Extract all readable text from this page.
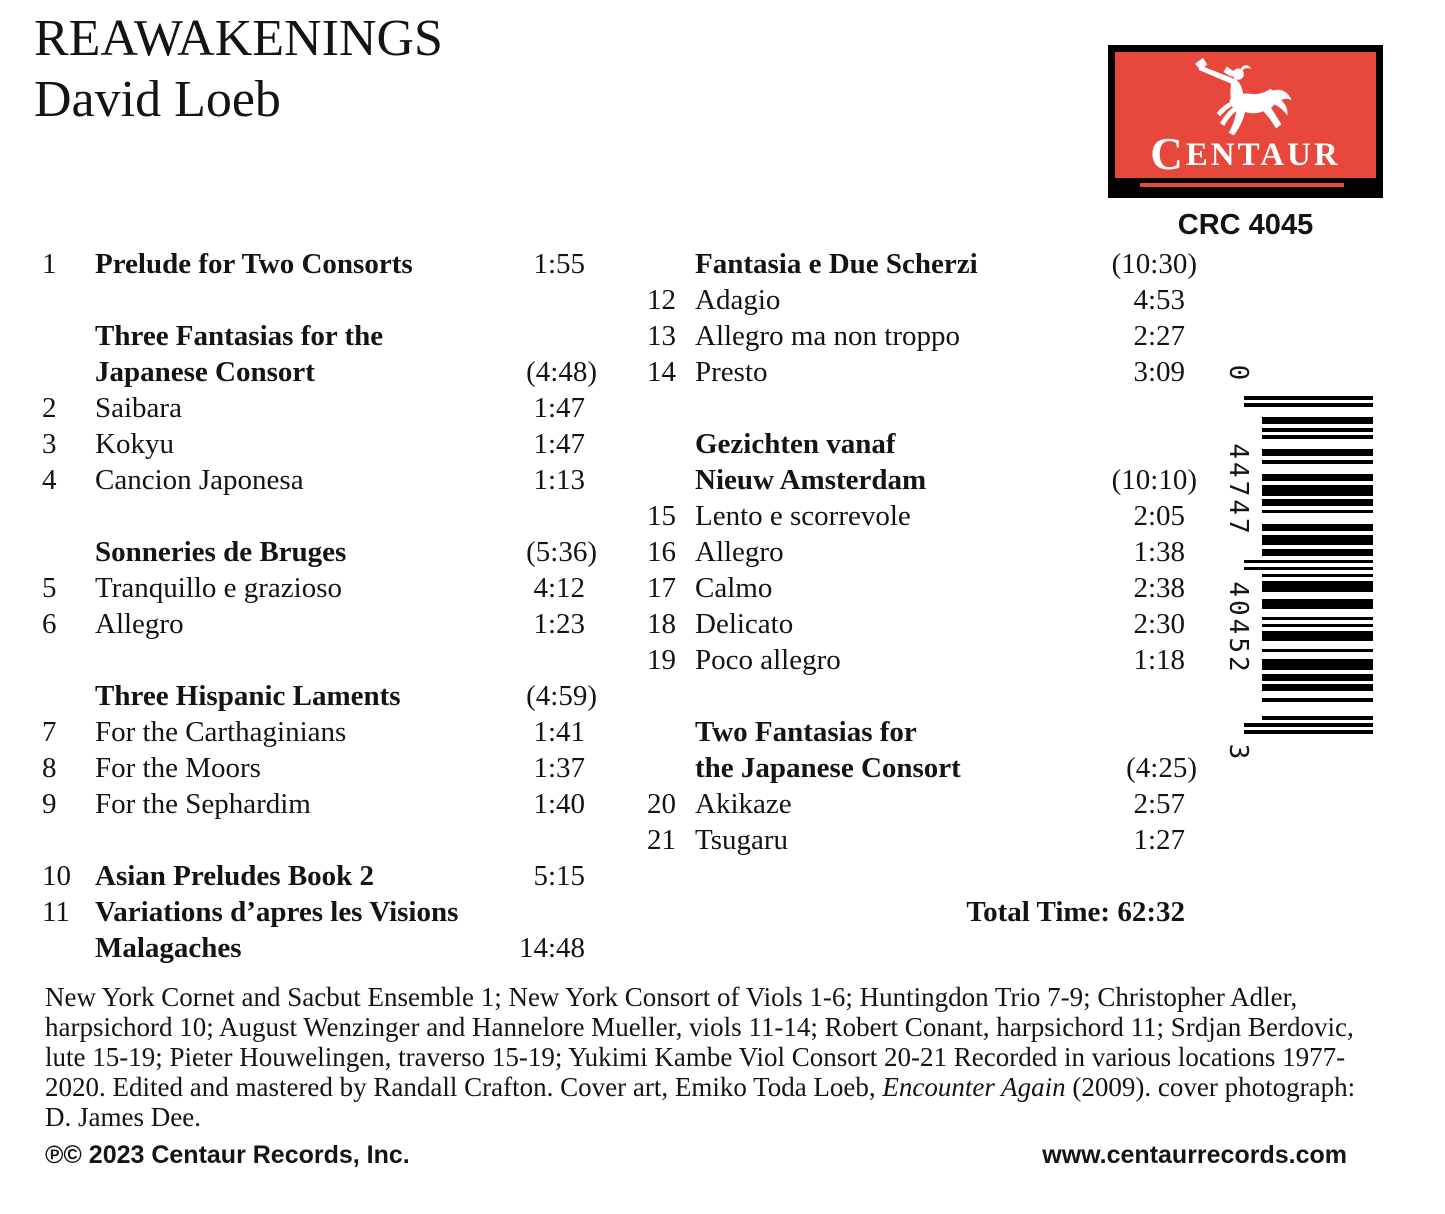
REAWAKENINGS
David Loeb
CENTAUR
CRC 4045
1 Prelude for Two Consorts	1:55
Three Fantasias for the
Japanese Consort	(4:48)
2 Saibara	1:47
3 Kokyu	1:47
4 Cancion Japonesa	1:13
Sonneries de Bruges	(5:36)
5 Tranquillo e grazioso	4:12
6 Allegro	1:23
Three Hispanic Laments	(4:59)
7 For the Carthaginians	1:41
8 For the Moors	1:37
9 For the Sephardim	1:40
10 Asian Preludes Book 2	5:15
11 Variations d’apres les Visions
Malagaches	14:48
Fantasia e Due Scherzi	(10:30)
12 Adagio	4:53
13 Allegro ma non troppo	2:27
14 Presto	3:09
Gezichten vanaf
Nieuw Amsterdam	(10:10)
15 Lento e scorrevole	2:05
16 Allegro	1:38
17 Calmo	2:38
18 Delicato	2:30
19 Poco allegro	1:18
Two Fantasias for
the Japanese Consort	(4:25)
20 Akikaze	2:57
21 Tsugaru	1:27
Total Time: 62:32
0
44747
40452
3
New York Cornet and Sacbut Ensemble 1; New York Consort of Viols 1-6; Huntingdon Trio 7-9; Christopher Adler,
harpsichord 10; August Wenzinger and Hannelore Mueller, viols 11-14; Robert Conant, harpsichord 11; Srdjan Berdovic,
lute 15-19; Pieter Houwelingen, traverso 15-19; Yukimi Kambe Viol Consort 20-21 Recorded in various locations 1977-
2020. Edited and mastered by Randall Crafton. Cover art, Emiko Toda Loeb, Encounter Again (2009). cover photograph:
D. James Dee.
℗© 2023 Centaur Records, Inc.	www.centaurrecords.com
